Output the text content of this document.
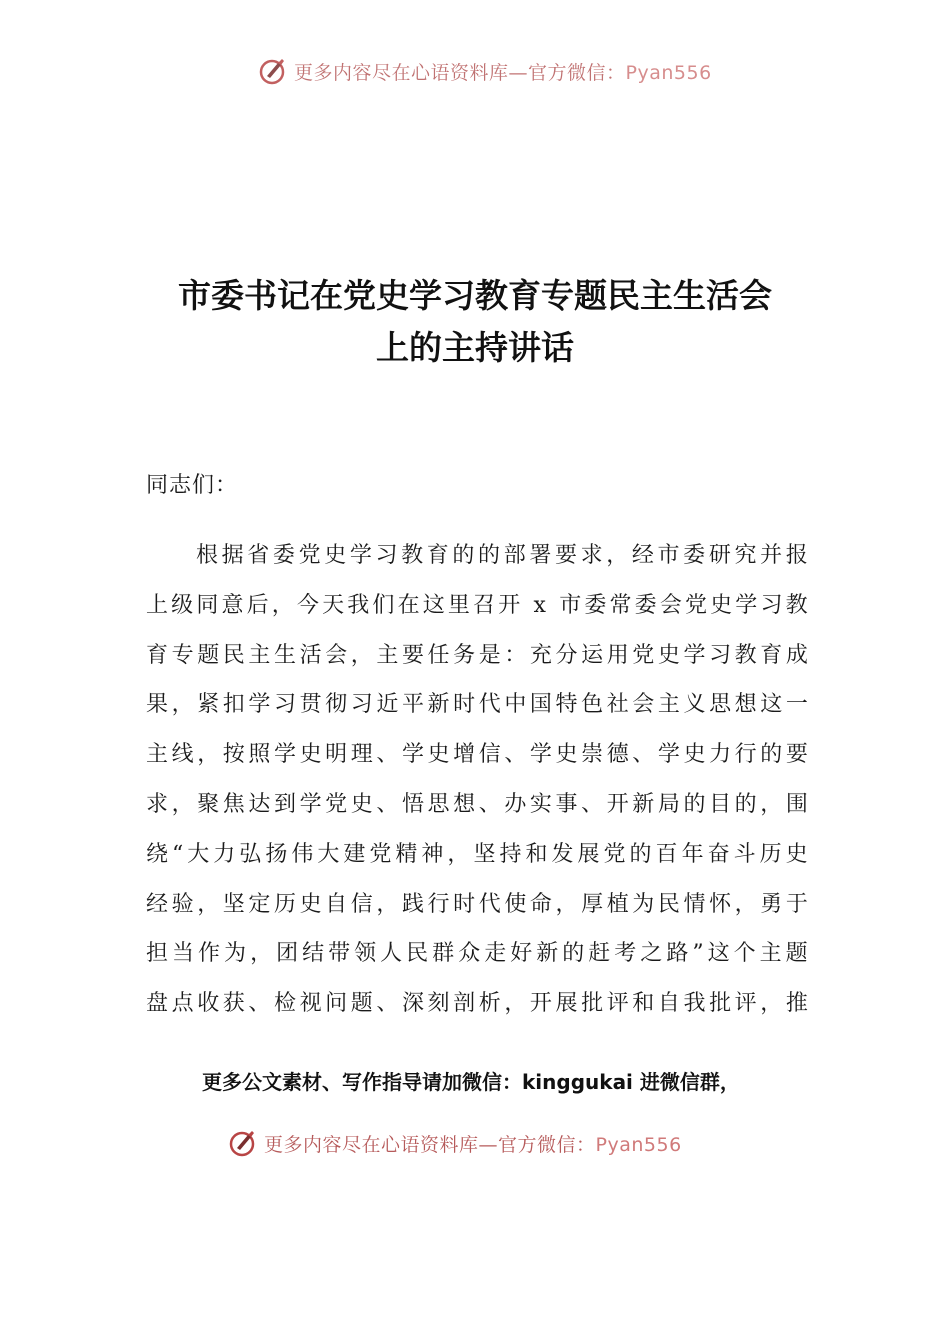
更多内容尽在心语资料库—官方微信：Pyan556
市委书记在党史学习教育专题民主生活会
上的主持讲话
同志们：
根 据 省 委 党 史 学 习 教 育 的 的 部 署 要 求 ， 经 市 委 研 究 并 报
上 级 同 意 后 ， 今 天 我 们 在 这 里 召 开
x
市 委 常 委 会 党 史 学 习 教
育 专 题 民 主 生 活 会 ， 主 要 任 务 是 ： 充 分 运 用 党 史 学 习 教 育 成
果 ， 紧 扣 学 习 贯 彻 习 近 平 新 时 代 中 国 特 色 社 会 主 义 思 想 这 一
主 线 ， 按 照 学 史 明 理 、 学 史 增 信 、 学 史 崇 德 、 学 史 力 行 的 要
求 ， 聚 焦 达 到 学 党 史 、 悟 思 想 、 办 实 事 、 开 新 局 的 目 的 ， 围
绕 “ 大 力 弘 扬 伟 大 建 党 精 神 ， 坚 持 和 发 展 党 的 百 年 奋 斗 历 史
经 验 ， 坚 定 历 史 自 信 ， 践 行 时 代 使 命 ， 厚 植 为 民 情 怀 ， 勇 于
担 当 作 为 ， 团 结 带 领 人 民 群 众 走 好 新 的 赶 考 之 路 ” 这 个 主 题
盘 点 收 获 、 检 视 问 题 、 深 刻 剖 析 ， 开 展 批 评 和 自 我 批 评 ， 推
更多公文素材、写作指导请加微信：kinggukai 进微信群，
更多内容尽在心语资料库—官方微信：Pyan556
